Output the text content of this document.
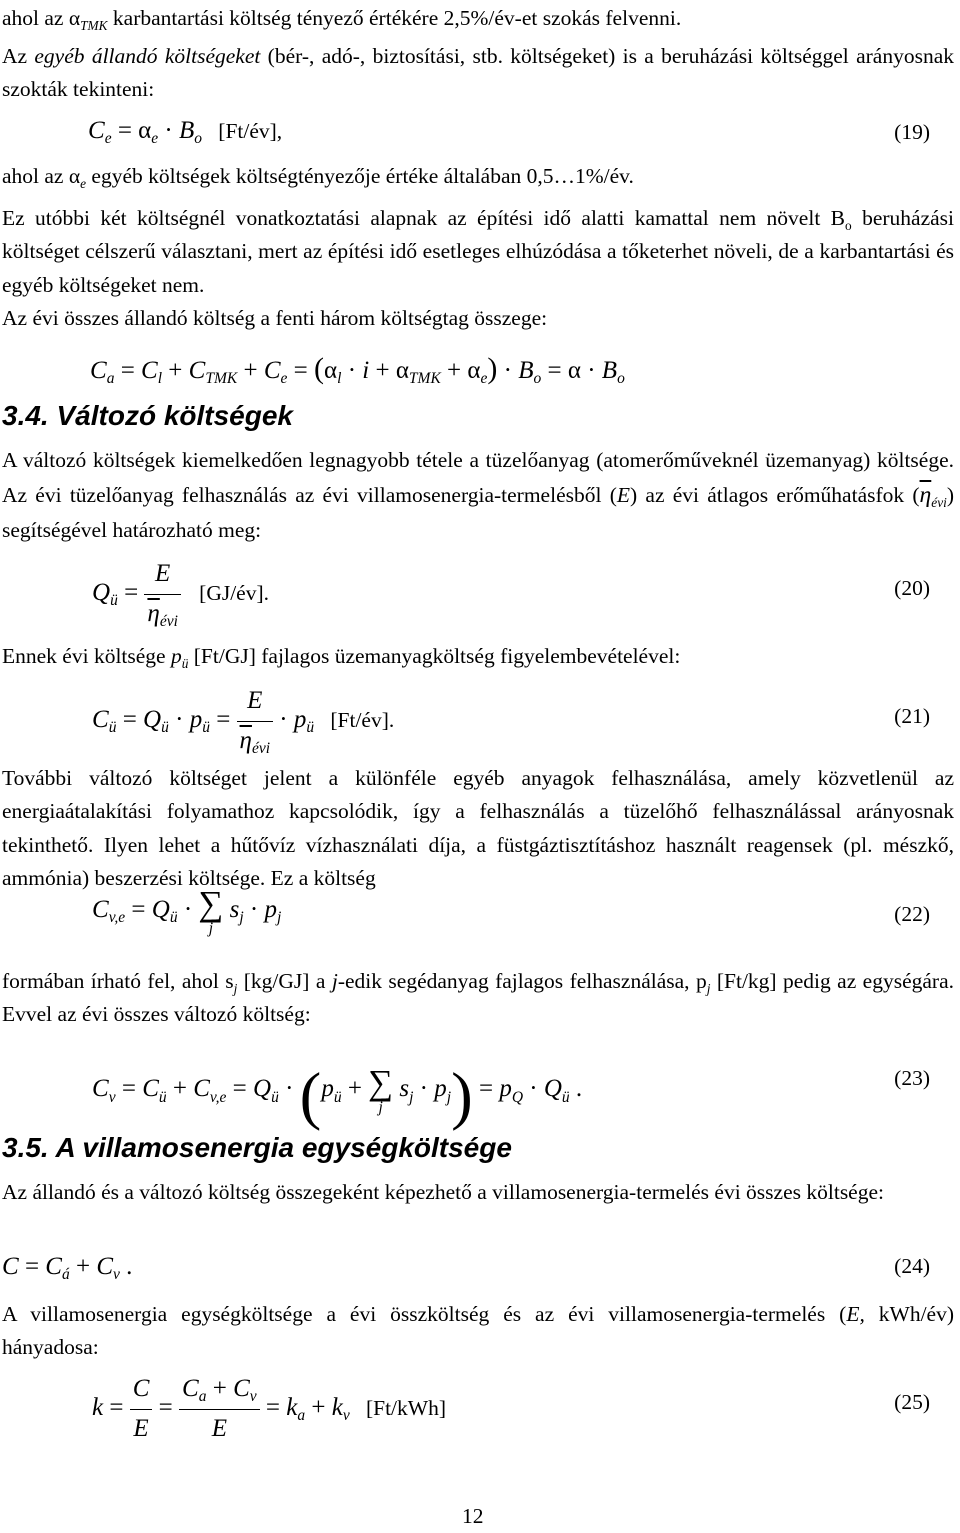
ahol az $\alpha_{TMK}$ karbantartási költség tényező értékére 2,5%/év-et szokás felvenni.

Az egyéb állandó költségeket (bér-, adó-, biztosítási, stb. költségeket) is a beruházási költséggel arányosnak szokták tekinteni:

$C_e = \alpha_e \cdot B_o$ [Ft/év],	(19)
ahol az $\alpha_e$ egyéb költségek költségtényezője értéke általában 0,5…1%/év.

Ez utóbbi két költségnél vonatkoztatási alapnak az építési idő alatti kamattal nem növelt $B_o$ beruházási költséget célszerű választani, mert az építési idő esetleges elhúzódása a tőketerhet növeli, de a karbantartási és egyéb költségeket nem.

Az évi összes állandó költség a fenti három költségtag összege:
$C_a = C_l + C_{TMK} + C_e = (\alpha_l \cdot i + \alpha_{TMK} + \alpha_e) \cdot B_o = \alpha \cdot B_o$
3.4. Változó költségek

A változó költségek kiemelkedően legnagyobb tétele a tüzelőanyag (atomerőműveknél üzemanyag) költsége. Az évi tüzelőanyag felhasználás az évi villamosenergia-termelésből (E) az évi átlagos erőműhatásfok $(\overline{\eta}_{évi})$ segítségével határozható meg:

$Q_ü = \frac{E}{\overline{\eta}_{évi}}$ [GJ/év].	(20)
Ennek évi költsége $p_ü$ [Ft/GJ] fajlagos üzemanyagköltség figyelembevételével:
$C_ü = Q_ü \cdot p_ü = \frac{E}{\overline{\eta}_{évi}} \cdot p_ü$ [Ft/év].	(21)

További változó költséget jelent a különféle egyéb anyagok felhasználása, amely közvetlenül az energiaátalakítási folyamathoz kapcsolódik, így a felhasználás a tüzelőhő felhasználással arányosnak tekinthető. Ilyen lehet a hűtővíz vízhasználati díja, a füstgáztisztításhoz használt reagensek (pl. mészkő, ammónia) beszerzési költsége. Ez a költség

$C_{v,e} = Q_ü$ · ∑
j
$s_j \cdot p_j$	(22)

formában írható fel, ahol $s_j$ [kg/GJ] a j-edik segédanyag fajlagos felhasználása, $p_j$ [Ft/kg] pedig az egységára. Evvel az évi összes változó költség:

$C_v = C_ü + C_{v,e} = Q_ü \cdot (p_ü$ + ∑
j
$s_j \cdot p_j) = p_Q \cdot Q_ü$ .	(23)
3.5. A villamosenergia egységköltsége

Az állandó és a változó költség összegeként képezhető a villamosenergia-termelés évi összes költsége:

$C = C_á + C_v$ .	(24)

A villamosenergia egységköltsége a évi összköltség és az évi villamosenergia-termelés (E, kWh/év) hányadosa:

$k = \frac{C}{E} = \frac{C_a + C_v}{E} = k_a + k_v$ [Ft/kWh]	(25)
12
